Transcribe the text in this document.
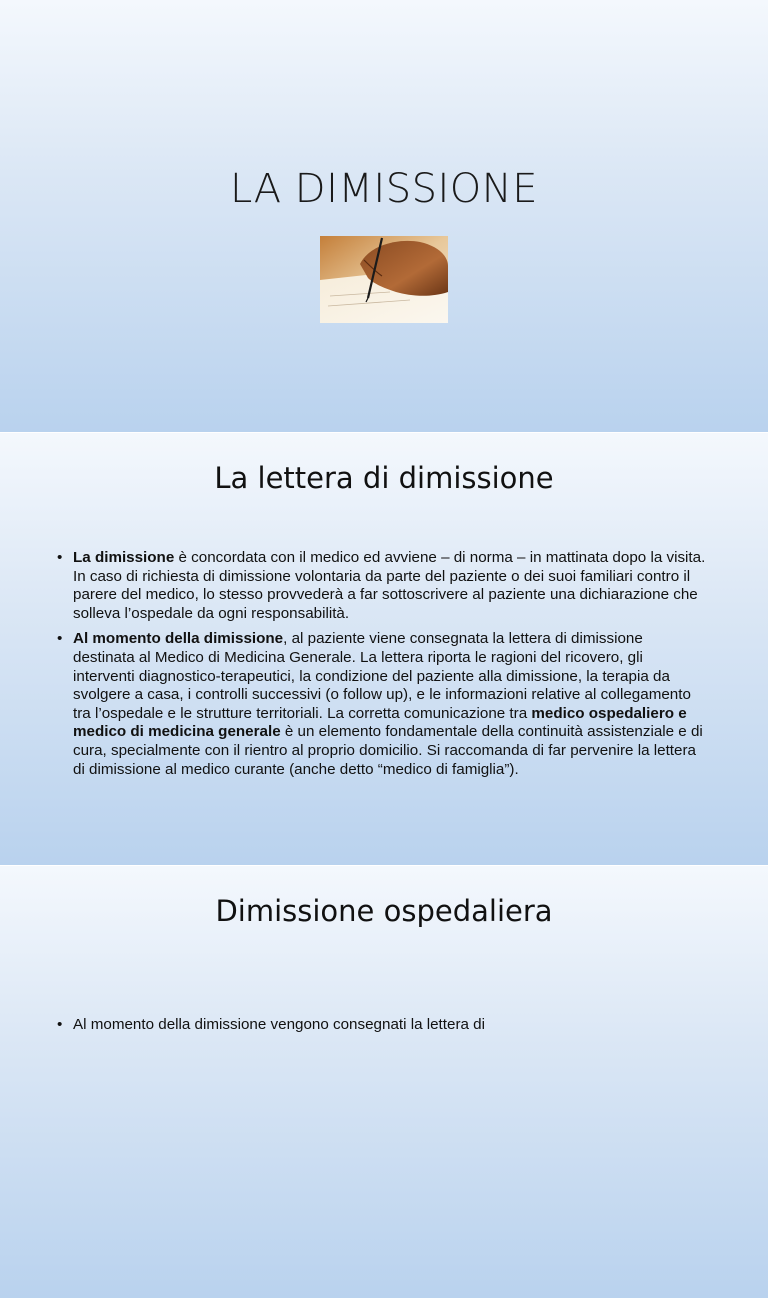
LA DIMISSIONE
La lettera di dimissione
• La dimissione è concordata con il medico ed avviene – di norma – in mattinata dopo la visita. In caso di richiesta di dimissione volontaria da parte del paziente o dei suoi familiari contro il parere del medico, lo stesso provvederà a far sottoscrivere al paziente una dichiarazione che solleva l’ospedale da ogni responsabilità.
• Al momento della dimissione, al paziente viene consegnata la lettera di dimissione destinata al Medico di Medicina Generale. La lettera riporta le ragioni del ricovero, gli interventi diagnostico-terapeutici, la condizione del paziente alla dimissione, la terapia da svolgere a casa, i controlli successivi (o follow up), e le informazioni relative al collegamento tra l’ospedale e le strutture territoriali. La corretta comunicazione tra medico ospedaliero e medico di medicina generale è un elemento fondamentale della continuità assistenziale e di cura, specialmente con il rientro al proprio domicilio. Si raccomanda di far pervenire la lettera di dimissione al medico curante (anche detto “medico di famiglia”).
Dimissione ospedaliera
• Al momento della dimissione vengono consegnati la lettera di
